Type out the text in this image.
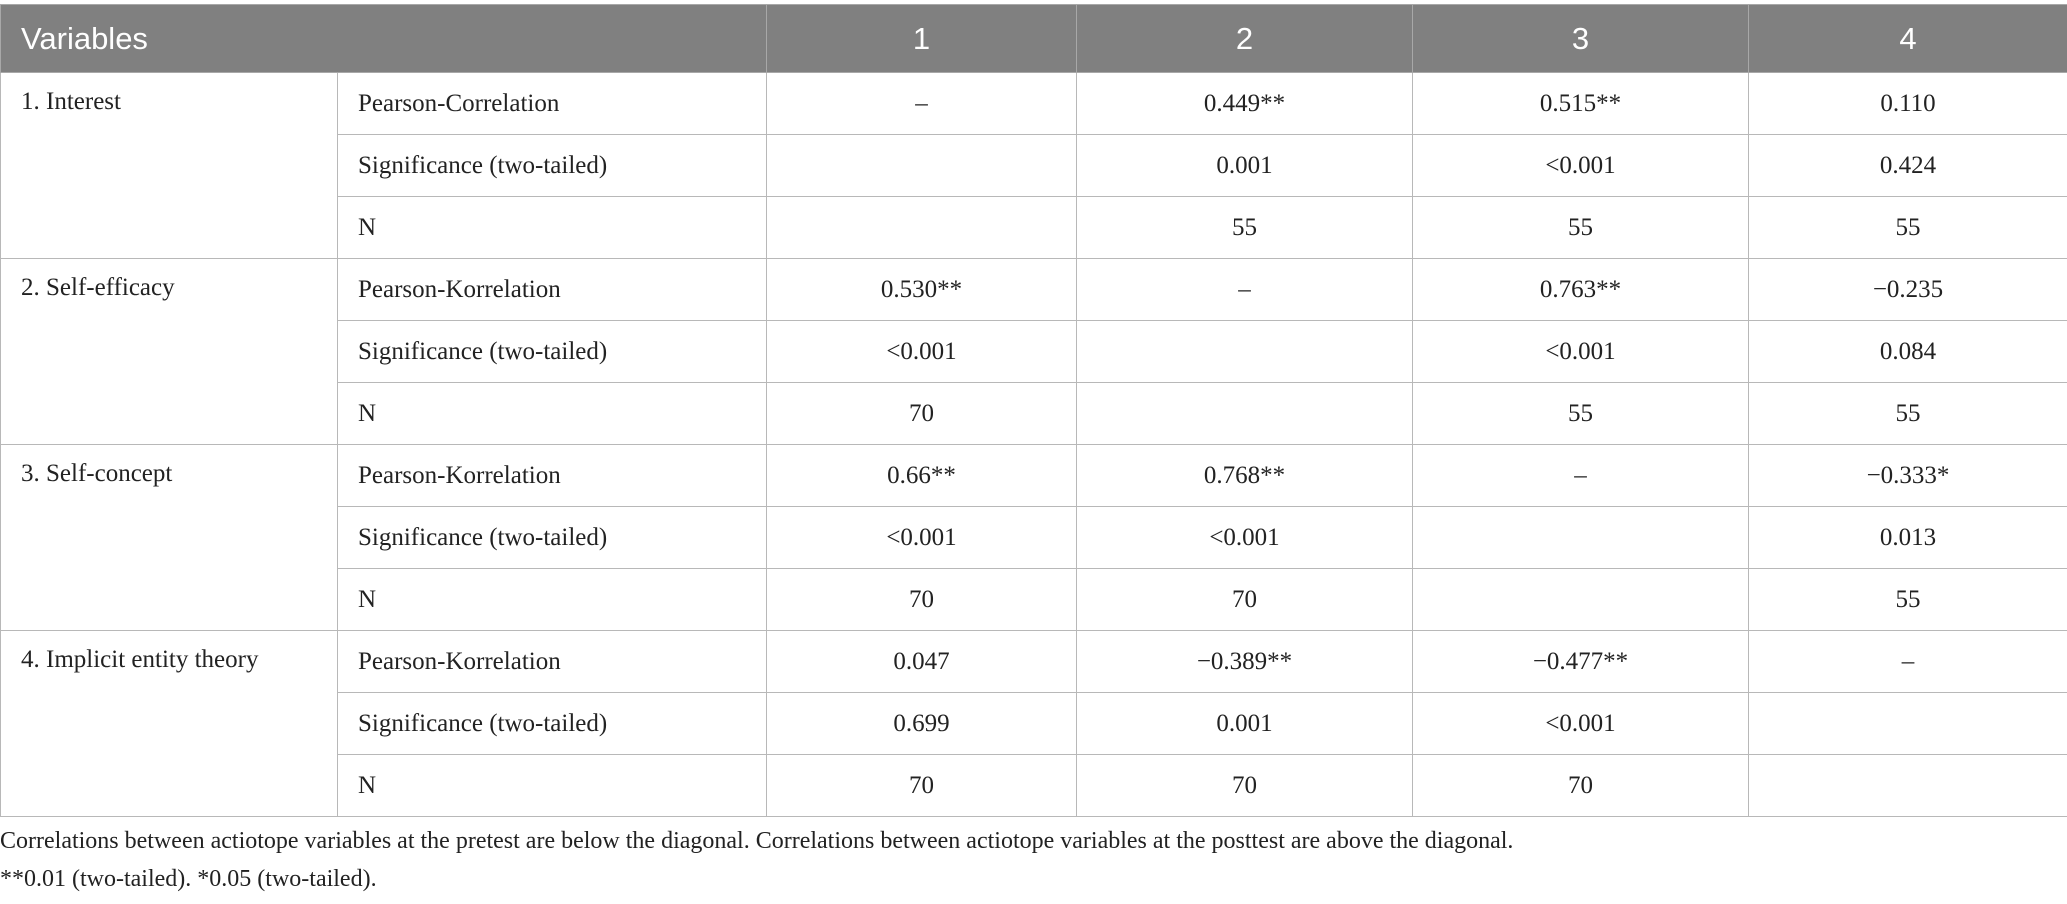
Variables		1	2	3	4
1. Interest	Pearson-Correlation	–	0.449**	0.515**	0.110
	Significance (two-tailed)		0.001	<0.001	0.424
	N		55	55	55
2. Self-efficacy	Pearson-Korrelation	0.530**	–	0.763**	−0.235
	Significance (two-tailed)	<0.001		<0.001	0.084
	N	70		55	55
3. Self-concept	Pearson-Korrelation	0.66**	0.768**	–	−0.333*
	Significance (two-tailed)	<0.001	<0.001		0.013
	N	70	70		55
4. Implicit entity theory	Pearson-Korrelation	0.047	−0.389**	−0.477**	–
	Significance (two-tailed)	0.699	0.001	<0.001	
	N	70	70	70	
Correlations between actiotope variables at the pretest are below the diagonal. Correlations between actiotope variables at the posttest are above the diagonal.
**0.01 (two-tailed). *0.05 (two-tailed).
